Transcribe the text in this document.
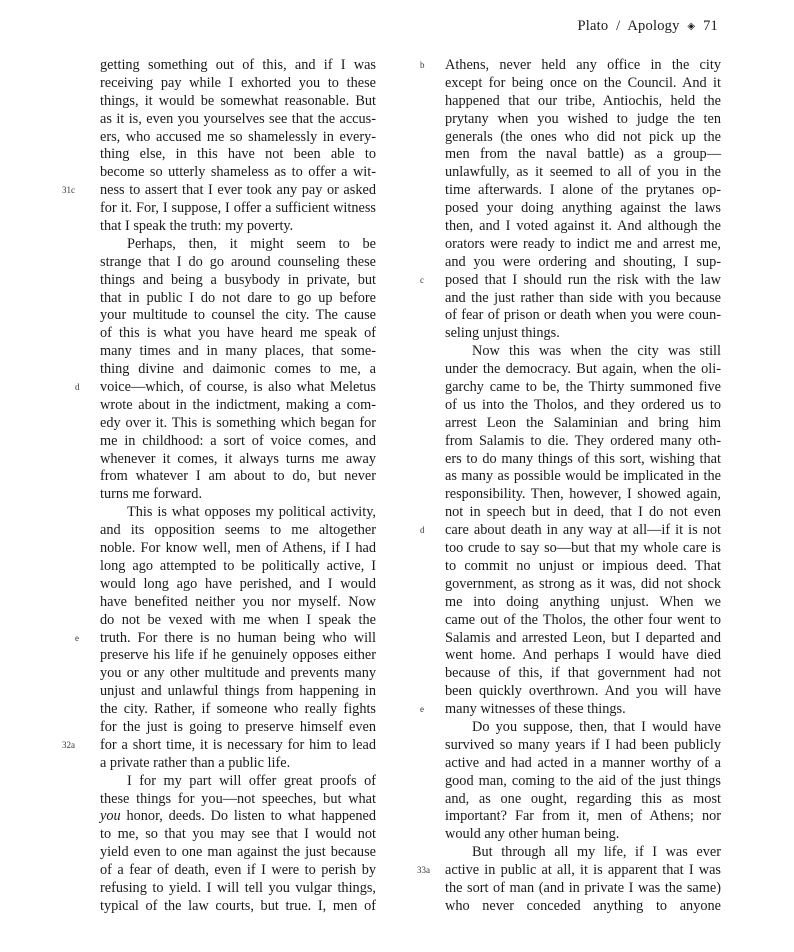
Plato / Apology ◈ 71
getting something out of this, and if I was
receiving pay while I exhorted you to these
things, it would be somewhat reasonable. But
as it is, even you yourselves see that the accus-
ers, who accused me so shamelessly in every-
thing else, in this have not been able to
become so utterly shameless as to offer a wit-
31c	ness to assert that I ever took any pay or asked
for it. For, I suppose, I offer a sufficient witness
that I speak the truth: my poverty.
Perhaps, then, it might seem to be
strange that I do go around counseling these
things and being a busybody in private, but
that in public I do not dare to go up before
your multitude to counsel the city. The cause
of this is what you have heard me speak of
many times and in many places, that some-
thing divine and daimonic comes to me, a
d	voice—which, of course, is also what Meletus
wrote about in the indictment, making a com-
edy over it. This is something which began for
me in childhood: a sort of voice comes, and
whenever it comes, it always turns me away
from whatever I am about to do, but never
turns me forward.
This is what opposes my political activity,
and its opposition seems to me altogether
noble. For know well, men of Athens, if I had
long ago attempted to be politically active, I
would long ago have perished, and I would
have benefited neither you nor myself. Now
do not be vexed with me when I speak the
e	truth. For there is no human being who will
preserve his life if he genuinely opposes either
you or any other multitude and prevents many
unjust and unlawful things from happening in
the city. Rather, if someone who really fights
for the just is going to preserve himself even
32a	for a short time, it is necessary for him to lead
a private rather than a public life.
I for my part will offer great proofs of
these things for you—not speeches, but what
you honor, deeds. Do listen to what happened
to me, so that you may see that I would not
yield even to one man against the just because
of a fear of death, even if I were to perish by
refusing to yield. I will tell you vulgar things,
typical of the law courts, but true. I, men of
b	Athens, never held any office in the city
except for being once on the Council. And it
happened that our tribe, Antiochis, held the
prytany when you wished to judge the ten
generals (the ones who did not pick up the
men from the naval battle) as a group—
unlawfully, as it seemed to all of you in the
time afterwards. I alone of the prytanes op-
posed your doing anything against the laws
then, and I voted against it. And although the
orators were ready to indict me and arrest me,
and you were ordering and shouting, I sup-
c	posed that I should run the risk with the law
and the just rather than side with you because
of fear of prison or death when you were coun-
seling unjust things.
Now this was when the city was still
under the democracy. But again, when the oli-
garchy came to be, the Thirty summoned five
of us into the Tholos, and they ordered us to
arrest Leon the Salaminian and bring him
from Salamis to die. They ordered many oth-
ers to do many things of this sort, wishing that
as many as possible would be implicated in the
responsibility. Then, however, I showed again,
not in speech but in deed, that I do not even
d	care about death in any way at all—if it is not
too crude to say so—but that my whole care is
to commit no unjust or impious deed. That
government, as strong as it was, did not shock
me into doing anything unjust. When we
came out of the Tholos, the other four went to
Salamis and arrested Leon, but I departed and
went home. And perhaps I would have died
because of this, if that government had not
been quickly overthrown. And you will have
e	many witnesses of these things.
Do you suppose, then, that I would have
survived so many years if I had been publicly
active and had acted in a manner worthy of a
good man, coming to the aid of the just things
and, as one ought, regarding this as most
important? Far from it, men of Athens; nor
would any other human being.
But through all my life, if I was ever
33a	active in public at all, it is apparent that I was
the sort of man (and in private I was the same)
who never conceded anything to anyone
